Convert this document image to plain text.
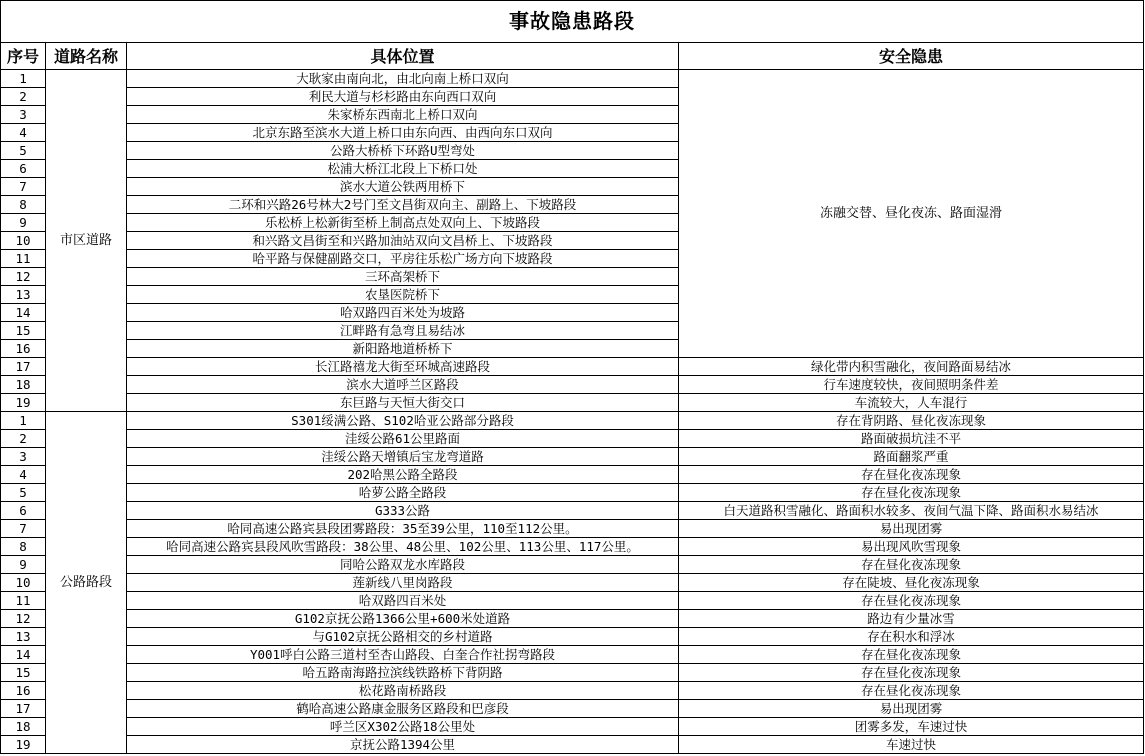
事故隐患路段			
序号	道路名称	具体位置	安全隐患
1	市区道路	大耿家由南向北，由北向南上桥口双向	冻融交替、昼化夜冻、路面湿滑
2		利民大道与杉杉路由东向西口双向	
3		朱家桥东西南北上桥口双向	
4		北京东路至滨水大道上桥口由东向西、由西向东口双向	
5		公路大桥桥下环路U型弯处	
6		松浦大桥江北段上下桥口处	
7		滨水大道公铁两用桥下	
8		二环和兴路26号林大2号门至文昌街双向主、副路上、下坡路段	
9		乐松桥上松新街至桥上制高点处双向上、下坡路段	
10		和兴路文昌街至和兴路加油站双向文昌桥上、下坡路段	
11		哈平路与保健副路交口，平房往乐松广场方向下坡路段	
12		三环高架桥下	
13		农垦医院桥下	
14		哈双路四百米处为坡路	
15		江畔路有急弯且易结冰	
16		新阳路地道桥桥下	
17		长江路禧龙大街至环城高速路段	绿化带内积雪融化，夜间路面易结冰
18		滨水大道呼兰区路段	行车速度较快，夜间照明条件差
19		东巨路与天恒大街交口	车流较大，人车混行
1	公路路段	S301绥满公路、S102哈亚公路部分路段	存在背阴路、昼化夜冻现象
2		洼绥公路61公里路面	路面破损坑洼不平
3		洼绥公路天增镇后宝龙弯道路	路面翻浆严重
4		202哈黑公路全路段	存在昼化夜冻现象
5		哈萝公路全路段	存在昼化夜冻现象
6		G333公路	白天道路积雪融化、路面积水较多、夜间气温下降、路面积水易结冰
7		哈同高速公路宾县段团雾路段：35至39公里，110至112公里。	易出现团雾
8		哈同高速公路宾县段风吹雪路段：38公里、48公里、102公里、113公里、117公里。	易出现风吹雪现象
9		同哈公路双龙水库路段	存在昼化夜冻现象
10		莲新线八里岗路段	存在陡坡、昼化夜冻现象
11		哈双路四百米处	存在昼化夜冻现象
12		G102京抚公路1366公里+600米处道路	路边有少量冰雪
13		与G102京抚公路相交的乡村道路	存在积水和浮冰
14		Y001呼白公路三道村至杏山路段、白奎合作社拐弯路段	存在昼化夜冻现象
15		哈五路南海路拉滨线铁路桥下背阴路	存在昼化夜冻现象
16		松花路南桥路段	存在昼化夜冻现象
17		鹤哈高速公路康金服务区路段和巴彦段	易出现团雾
18		呼兰区X302公路18公里处	团雾多发，车速过快
19		京抚公路1394公里	车速过快
